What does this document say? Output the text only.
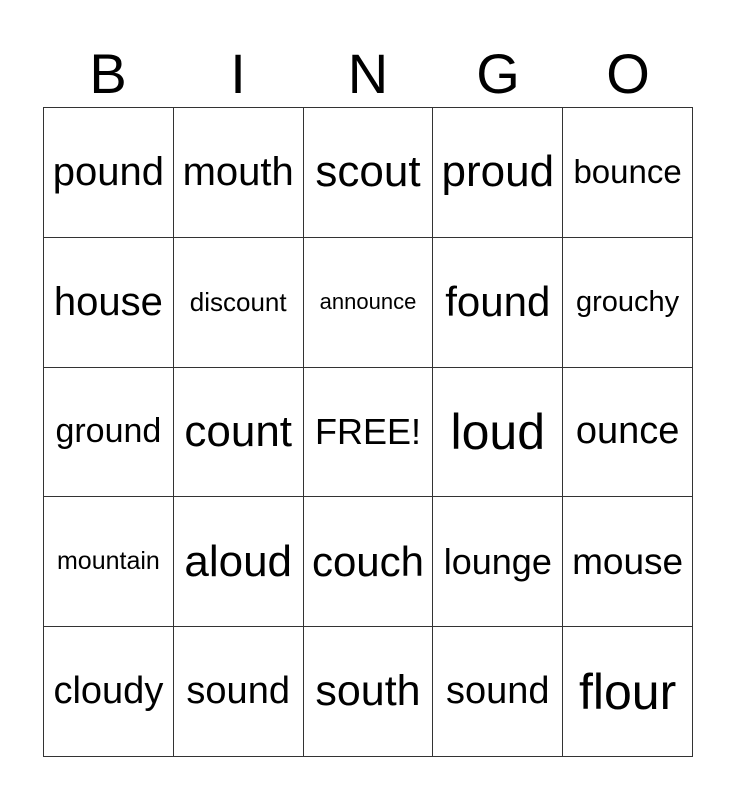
B	I	N	G	O
pound mouth scout proud bounce
house discount announce found grouchy
ground count FREE! loud ounce
mountain aloud couch lounge mouse
cloudy sound south sound flour
